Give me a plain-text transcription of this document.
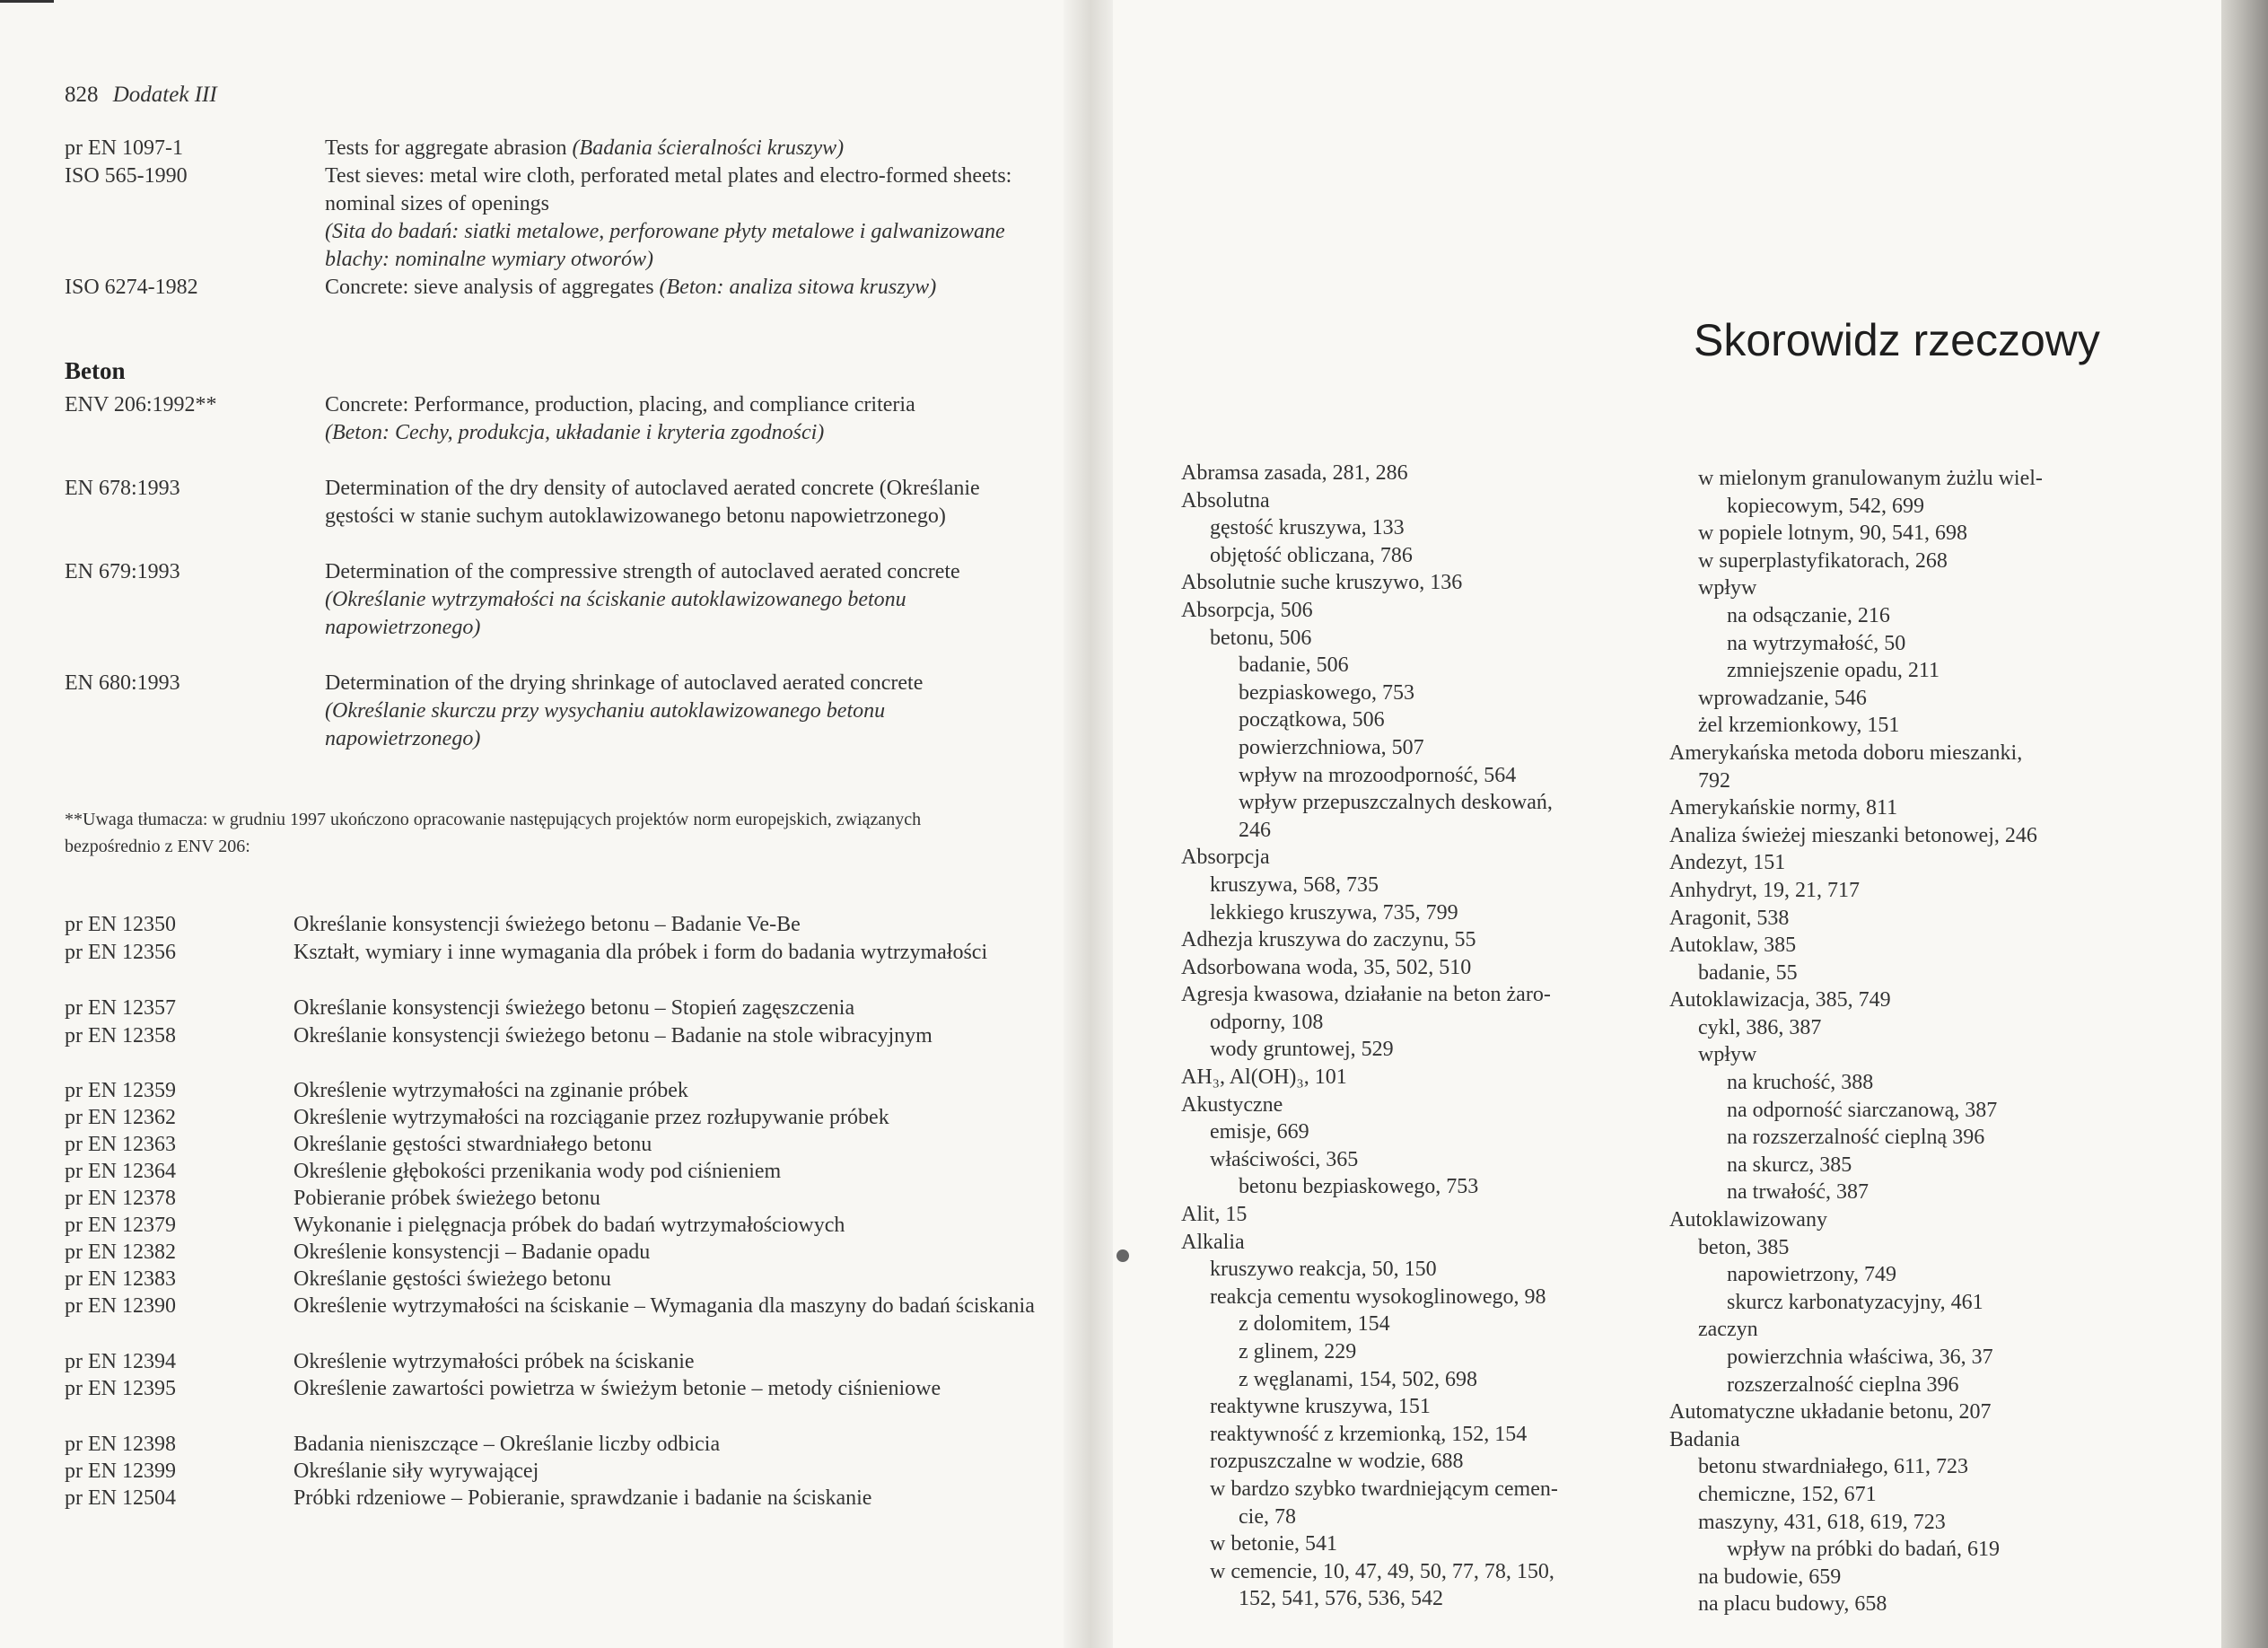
828 Dodatek III
pr EN 1097-1	Tests for aggregate abrasion (Badania ścieralności kruszyw)
ISO 565-1990	Test sieves: metal wire cloth, perforated metal plates and electro-formed sheets: nominal sizes of openings
(Sita do badań: siatki metalowe, perforowane płyty metalowe i galwanizowane blachy: nominalne wymiary otworów)
ISO 6274-1982	Concrete: sieve analysis of aggregates (Beton: analiza sitowa kruszyw)
Beton
ENV 206:1992**	Concrete: Performance, production, placing, and compliance criteria
(Beton: Cechy, produkcja, układanie i kryteria zgodności)
EN 678:1993	Determination of the dry density of autoclaved aerated concrete (Określanie gęstości w stanie suchym autoklawizowanego betonu napowietrzonego)
EN 679:1993	Determination of the compressive strength of autoclaved aerated concrete
(Określanie wytrzymałości na ściskanie autoklawizowanego betonu napowietrzonego)
EN 680:1993	Determination of the drying shrinkage of autoclaved aerated concrete
(Określanie skurczu przy wysychaniu autoklawizowanego betonu napowietrzonego)
**Uwaga tłumacza: w grudniu 1997 ukończono opracowanie następujących projektów norm europejskich, związanych bezpośrednio z ENV 206:
pr EN 12350	Określanie konsystencji świeżego betonu – Badanie Ve-Be
pr EN 12356	Kształt, wymiary i inne wymagania dla próbek i form do badania wytrzymałości
pr EN 12357	Określanie konsystencji świeżego betonu – Stopień zagęszczenia
pr EN 12358	Określanie konsystencji świeżego betonu – Badanie na stole wibracyjnym
pr EN 12359	Określenie wytrzymałości na zginanie próbek
pr EN 12362	Określenie wytrzymałości na rozciąganie przez rozłupywanie próbek
pr EN 12363	Określanie gęstości stwardniałego betonu
pr EN 12364	Określenie głębokości przenikania wody pod ciśnieniem
pr EN 12378	Pobieranie próbek świeżego betonu
pr EN 12379	Wykonanie i pielęgnacja próbek do badań wytrzymałościowych
pr EN 12382	Określenie konsystencji – Badanie opadu
pr EN 12383	Określanie gęstości świeżego betonu
pr EN 12390	Określenie wytrzymałości na ściskanie – Wymagania dla maszyny do badań ściskania
pr EN 12394	Określenie wytrzymałości próbek na ściskanie
pr EN 12395	Określenie zawartości powietrza w świeżym betonie – metody ciśnieniowe
pr EN 12398	Badania nieniszczące – Określanie liczby odbicia
pr EN 12399	Określanie siły wyrywającej
pr EN 12504	Próbki rdzeniowe – Pobieranie, sprawdzanie i badanie na ściskanie
Skorowidz rzeczowy
Abramsa zasada, 281, 286
Absolutna
gęstość kruszywa, 133
objętość obliczana, 786
Absolutnie suche kruszywo, 136
Absorpcja, 506
betonu, 506
badanie, 506
bezpiaskowego, 753
początkowa, 506
powierzchniowa, 507
wpływ na mrozoodporność, 564
wpływ przepuszczalnych deskowań,
246
Absorpcja
kruszywa, 568, 735
lekkiego kruszywa, 735, 799
Adhezja kruszywa do zaczynu, 55
Adsorbowana woda, 35, 502, 510
Agresja kwasowa, działanie na beton żaro-
odporny, 108
wody gruntowej, 529
AH₃, Al(OH)₃, 101
Akustyczne
emisje, 669
właściwości, 365
betonu bezpiaskowego, 753
Alit, 15
Alkalia
kruszywo reakcja, 50, 150
reakcja cementu wysokoglinowego, 98
z dolomitem, 154
z glinem, 229
z węglanami, 154, 502, 698
reaktywne kruszywa, 151
reaktywność z krzemionką, 152, 154
rozpuszczalne w wodzie, 688
w bardzo szybko twardniejącym cemen-
cie, 78
w betonie, 541
w cemencie, 10, 47, 49, 50, 77, 78, 150,
152, 541, 576, 536, 542
w mielonym granulowanym żużlu wiel-
kopiecowym, 542, 699
w popiele lotnym, 90, 541, 698
w superplastyfikatorach, 268
wpływ
na odsączanie, 216
na wytrzymałość, 50
zmniejszenie opadu, 211
wprowadzanie, 546
żel krzemionkowy, 151
Amerykańska metoda doboru mieszanki,
792
Amerykańskie normy, 811
Analiza świeżej mieszanki betonowej, 246
Andezyt, 151
Anhydryt, 19, 21, 717
Aragonit, 538
Autoklaw, 385
badanie, 55
Autoklawizacja, 385, 749
cykl, 386, 387
wpływ
na kruchość, 388
na odporność siarczanową, 387
na rozszerzalność cieplną 396
na skurcz, 385
na trwałość, 387
Autoklawizowany
beton, 385
napowietrzony, 749
skurcz karbonatyzacyjny, 461
zaczyn
powierzchnia właściwa, 36, 37
rozszerzalność cieplna 396
Automatyczne układanie betonu, 207
Badania
betonu stwardniałego, 611, 723
chemiczne, 152, 671
maszyny, 431, 618, 619, 723
wpływ na próbki do badań, 619
na budowie, 659
na placu budowy, 658
